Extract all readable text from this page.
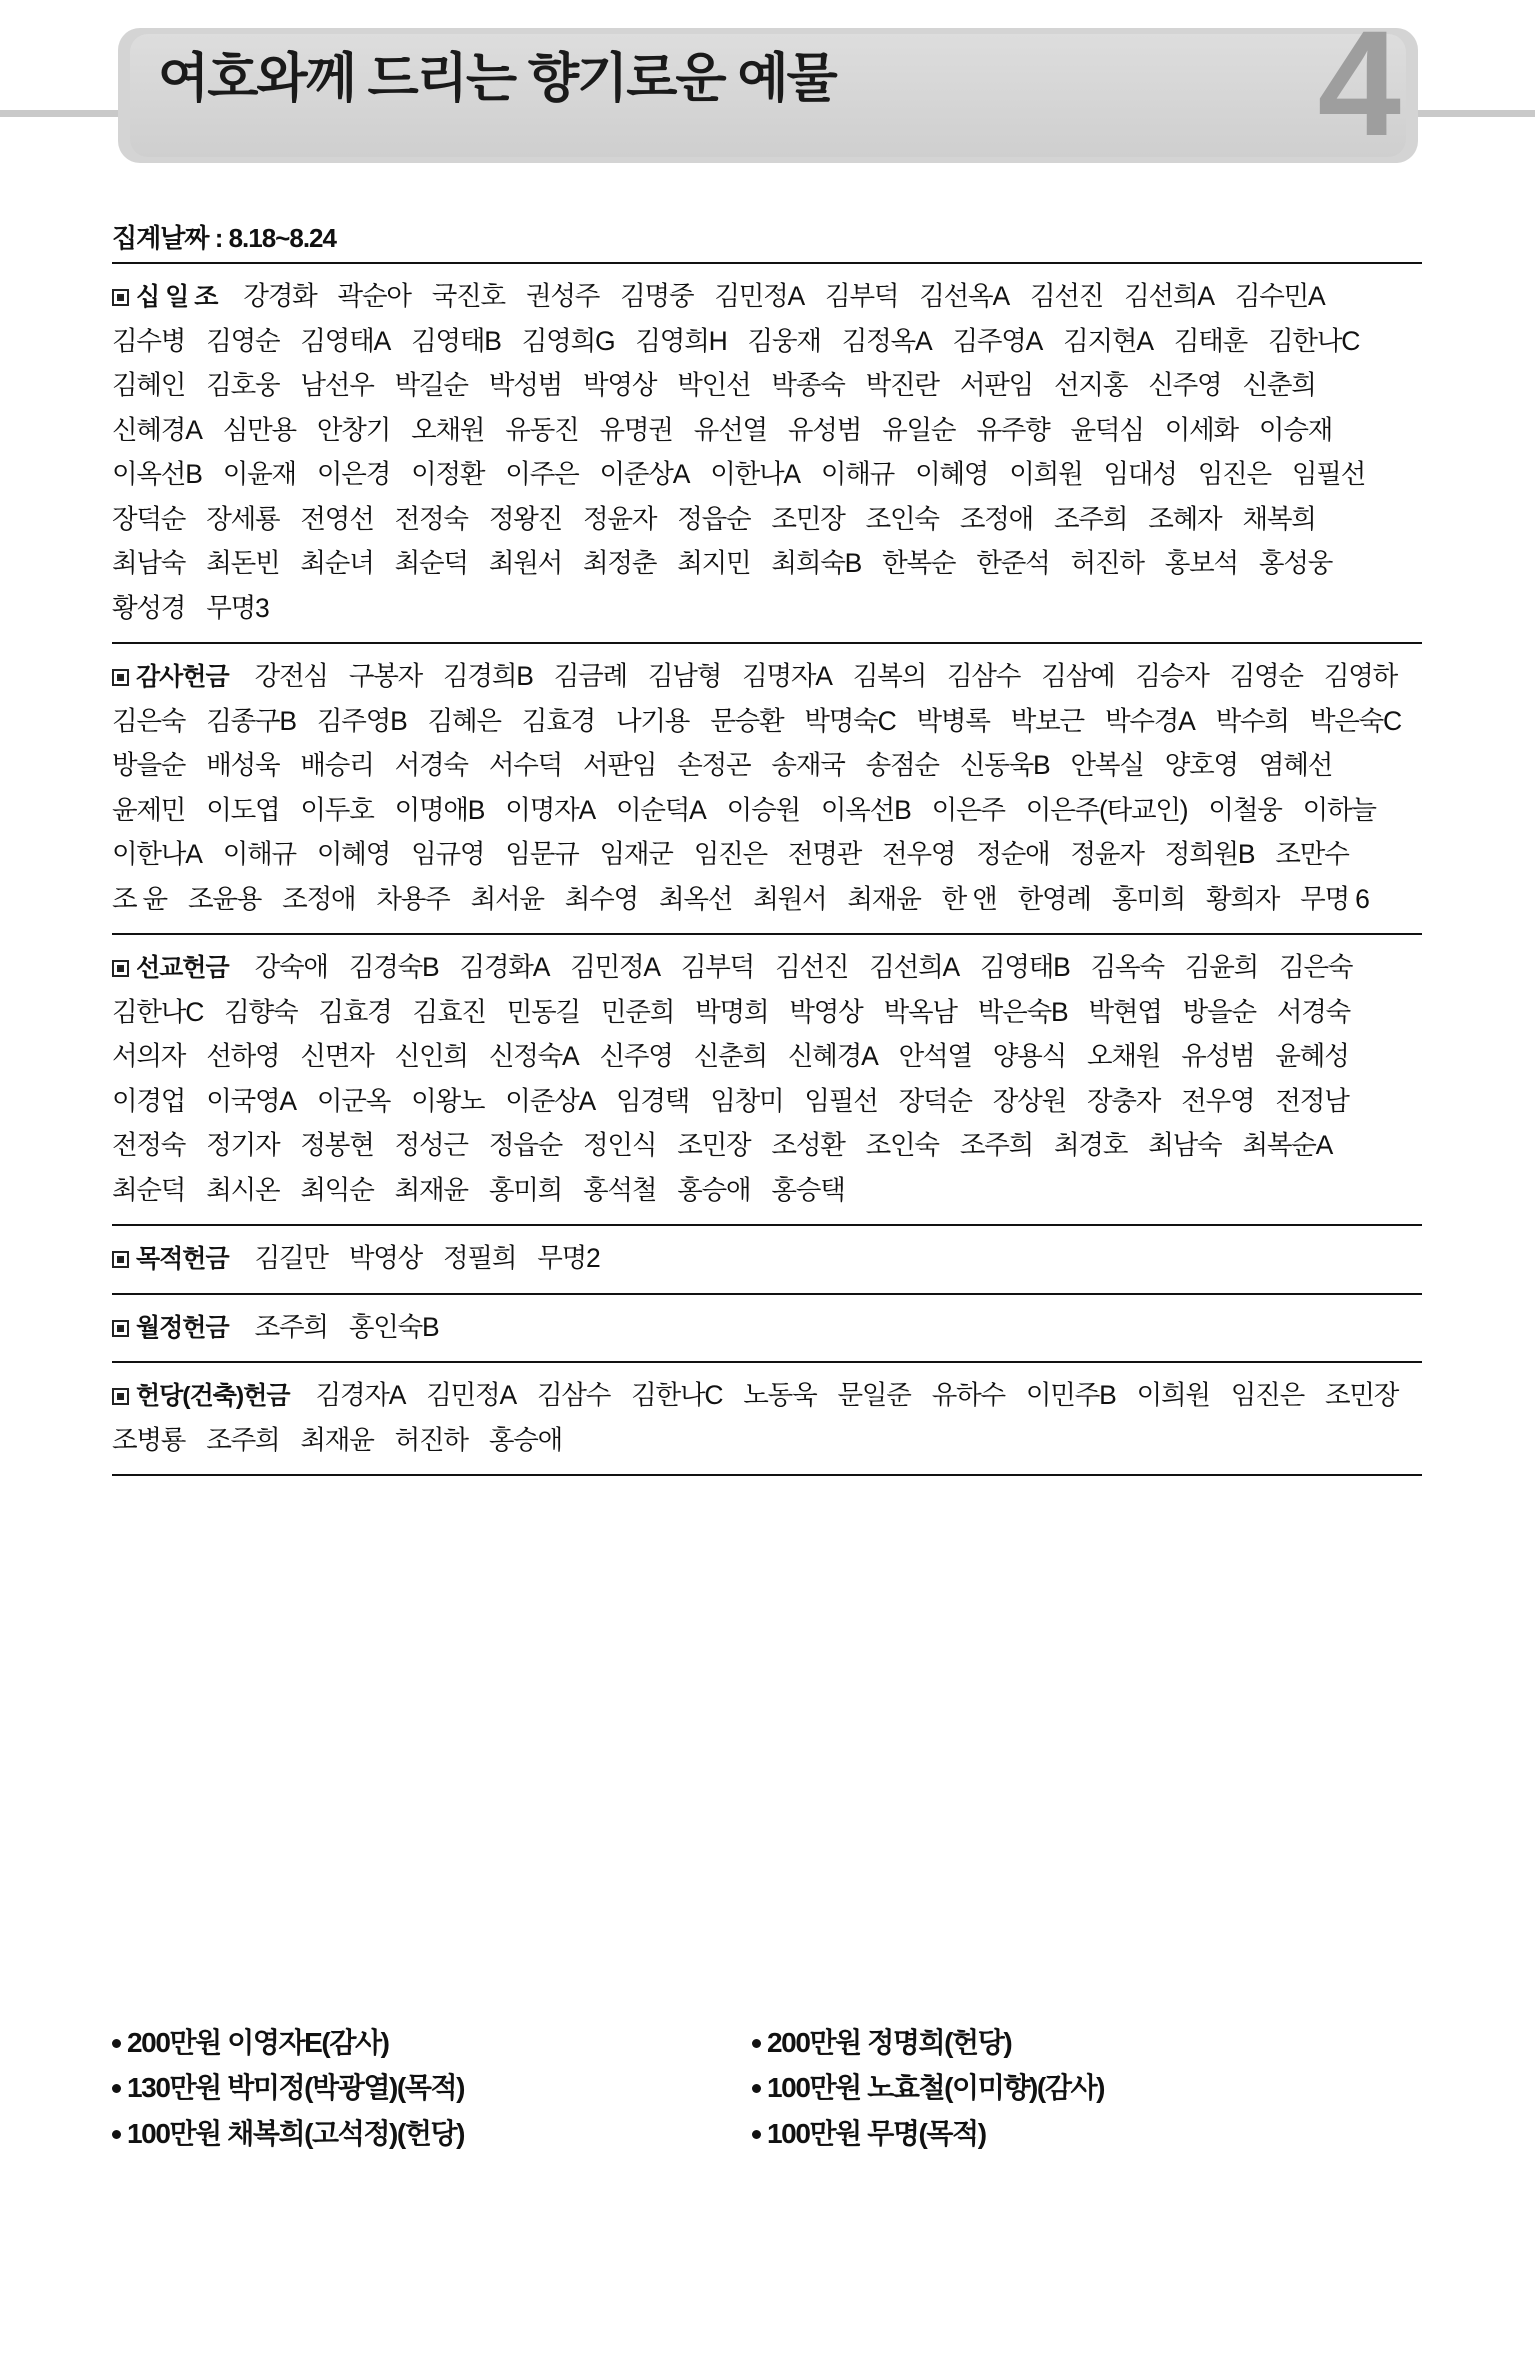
4
여호와께 드리는 향기로운 예물
집계날짜 : 8.18~8.24
십 일 조 강경화 곽순아 국진호 권성주 김명중 김민정A 김부덕 김선옥A 김선진 김선희A 김수민A김수병 김영순 김영태A 김영태B 김영희G 김영희H 김웅재 김정옥A 김주영A 김지현A 김태훈 김한나C김혜인 김호웅 남선우 박길순 박성범 박영상 박인선 박종숙 박진란 서판임 선지홍 신주영 신춘희신혜경A 심만용 안창기 오채원 유동진 유명권 유선열 유성범 유일순 유주향 윤덕심 이세화 이승재이옥선B 이윤재 이은경 이정환 이주은 이준상A 이한나A 이해규 이혜영 이희원 임대성 임진은 임필선장덕순 장세룡 전영선 전정숙 정왕진 정윤자 정읍순 조민장 조인숙 조정애 조주희 조혜자 채복희최남숙 최돈빈 최순녀 최순덕 최원서 최정춘 최지민 최희숙B 한복순 한준석 허진하 홍보석 홍성웅황성경 무명3
감사헌금 강전심 구봉자 김경희B 김금례 김남형 김명자A 김복의 김삼수 김삼예 김승자 김영순 김영하김은숙 김종구B 김주영B 김혜은 김효경 나기용 문승환 박명숙C 박병록 박보근 박수경A 박수희 박은숙C방을순 배성욱 배승리 서경숙 서수덕 서판임 손정곤 송재국 송점순 신동욱B 안복실 양호영 염혜선윤제민 이도엽 이두호 이명애B 이명자A 이순덕A 이승원 이옥선B 이은주 이은주(타교인) 이철웅 이하늘이한나A 이해규 이혜영 임규영 임문규 임재군 임진은 전명관 전우영 정순애 정윤자 정희원B 조만수조 윤 조윤용 조정애 차용주 최서윤 최수영 최옥선 최원서 최재윤 한 앤 한영례 홍미희 황희자 무명 6
선교헌금 강숙애 김경숙B 김경화A 김민정A 김부덕 김선진 김선희A 김영태B 김옥숙 김윤희 김은숙김한나C 김향숙 김효경 김효진 민동길 민준희 박명희 박영상 박옥남 박은숙B 박현엽 방을순 서경숙서의자 선하영 신면자 신인희 신정숙A 신주영 신춘희 신혜경A 안석열 양용식 오채원 유성범 윤혜성이경업 이국영A 이군옥 이왕노 이준상A 임경택 임창미 임필선 장덕순 장상원 장충자 전우영 전정남전정숙 정기자 정봉현 정성근 정읍순 정인식 조민장 조성환 조인숙 조주희 최경호 최남숙 최복순A최순덕 최시온 최익순 최재윤 홍미희 홍석철 홍승애 홍승택
목적헌금 김길만 박영상 정필희 무명2
월정헌금 조주희 홍인숙B
헌당(건축)헌금 김경자A 김민정A 김삼수 김한나C 노동욱 문일준 유하수 이민주B 이희원 임진은 조민장조병룡 조주희 최재윤 허진하 홍승애
200만원 이영자E(감사)
130만원 박미정(박광열)(목적)
100만원 채복희(고석정)(헌당)
200만원 정명희(헌당)
100만원 노효철(이미향)(감사)
100만원 무명(목적)
